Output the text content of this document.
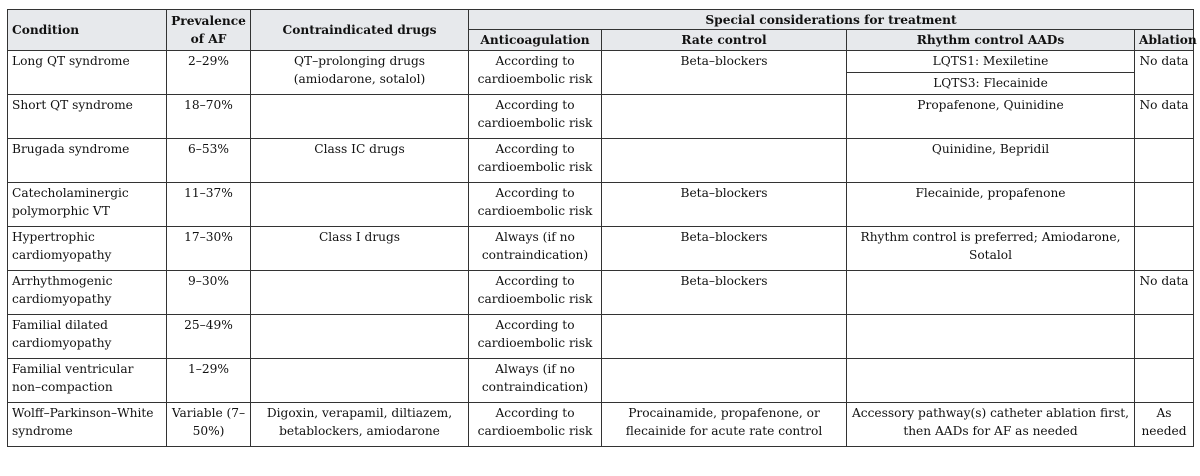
Condition	Prevalence of AF	Contraindicated drugs	Special considerations for treatment			
			Anticoagulation	Rate control	Rhythm control AADs	Ablation
Long QT syndrome	2–29%	QT–prolonging drugs (amiodarone, sotalol)	According to cardioembolic risk	Beta–blockers	LQTS1: Mexiletine	No data
					LQTS3: Flecainide	
Short QT syndrome	18–70%		According to cardioembolic risk		Propafenone, Quinidine	No data
Brugada syndrome	6–53%	Class IC drugs	According to cardioembolic risk		Quinidine, Bepridil	
Catecholaminergic polymorphic VT	11–37%		According to cardioembolic risk	Beta–blockers	Flecainide, propafenone	
Hypertrophic cardiomyopathy	17–30%	Class I drugs	Always (if no contraindication)	Beta–blockers	Rhythm control is preferred; Amiodarone, Sotalol	
Arrhythmogenic cardiomyopathy	9–30%		According to cardioembolic risk	Beta–blockers		No data
Familial dilated cardiomyopathy	25–49%		According to cardioembolic risk			
Familial ventricular non–compaction	1–29%		Always (if no contraindication)			
Wolff–Parkinson–White syndrome	Variable (7–50%)	Digoxin, verapamil, diltiazem, betablockers, amiodarone	According to cardioembolic risk	Procainamide, propafenone, or flecainide for acute rate control	Accessory pathway(s) catheter ablation first, then AADs for AF as needed	As needed
